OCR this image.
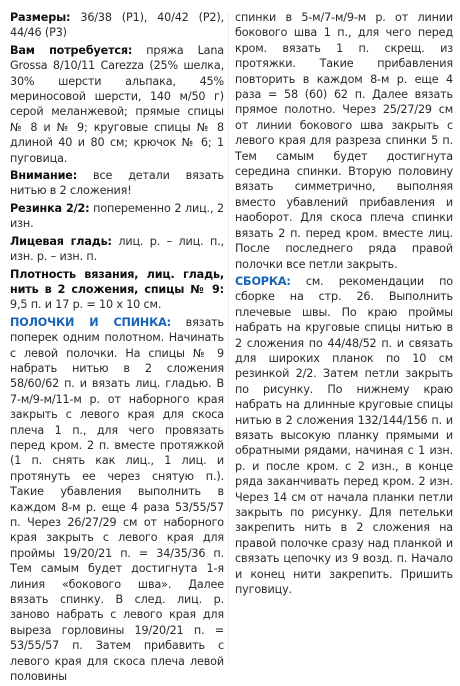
Размеры: 36/38 (Р1), 40/42 (Р2), 44/46 (Р3)
Вам потребуется: пряжа Lana Grossa 8/10/11 Carezza (25% шелка, 30% шерсти альпака, 45% мериносовой шерсти, 140 м/50 г) серой меланжевой; прямые спицы № 8 и № 9; круговые спицы № 8 длиной 40 и 80 см; крючок № 6; 1 пуговица.
Внимание: все детали вязать нитью в 2 сложения!
Резинка 2/2: попеременно 2 лиц., 2 изн.
Лицевая гладь: лиц. р. – лиц. п., изн. р. – изн. п.
Плотность вязания, лиц. гладь, нить в 2 сложения, спицы № 9: 9,5 п. и 17 р. = 10 x 10 см.
ПОЛОЧКИ И СПИНКА: вязать поперек одним полотном. Начинать с левой полочки. На спицы № 9 набрать нитью в 2 сложения 58/60/62 п. и вязать лиц. гладью. В 7-м/9-м/11-м р. от наборного края закрыть с левого края для скоса плеча 1 п., для чего провязать перед кром. 2 п. вместе протяжкой (1 п. снять как лиц., 1 лиц. и протянуть ее через снятую п.). Такие убавления выполнить в каждом 8-м р. еще 4 раза 53/55/57 п. Через 26/27/29 см от наборного края закрыть с левого края для проймы 19/20/21 п. = 34/35/36 п. Тем самым будет достигнута 1-я линия «бокового шва». Далее вязать спинку. В след. лиц. р. заново набрать с левого края для выреза горловины 19/20/21 п. = 53/55/57 п. Затем прибавить с левого края для скоса плеча левой половины
спинки в 5-м/7-м/9-м р. от линии бокового шва 1 п., для чего перед кром. вязать 1 п. скрещ. из протяжки. Такие прибавления повторить в каждом 8-м р. еще 4 раза = 58 (60) 62 п. Далее вязать прямое полотно. Через 25/27/29 см от линии бокового шва закрыть с левого края для разреза спинки 5 п. Тем самым будет достигнута середина спинки. Вторую половину вязать симметрично, выполняя вместо убавлений прибавления и наоборот. Для скоса плеча спинки вязать 2 п. перед кром. вместе лиц. После последнего ряда правой полочки все петли закрыть.
СБОРКА: см. рекомендации по сборке на стр. 26. Выполнить плечевые швы. По краю проймы набрать на круговые спицы нитью в 2 сложения по 44/48/52 п. и связать для широких планок по 10 см резинкой 2/2. Затем петли закрыть по рисунку. По нижнему краю набрать на длинные круговые спицы нитью в 2 сложения 132/144/156 п. и вязать высокую планку прямыми и обратными рядами, начиная с 1 изн. р. и после кром. с 2 изн., в конце ряда заканчивать перед кром. 2 изн. Через 14 см от начала планки петли закрыть по рисунку. Для петельки закрепить нить в 2 сложения на правой полочке сразу над планкой и связать цепочку из 9 возд. п. Начало и конец нити закрепить. Пришить пуговицу.
